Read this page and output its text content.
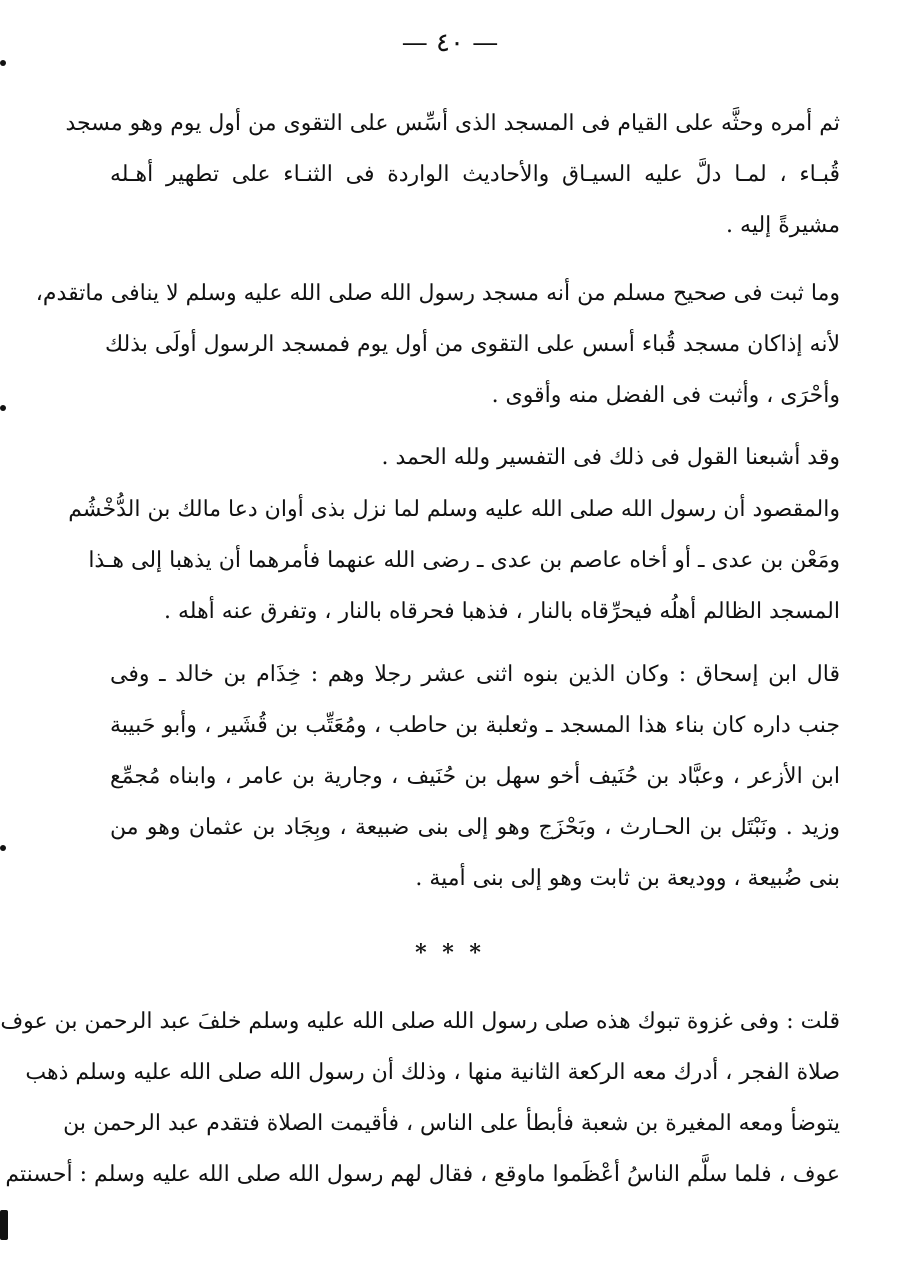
— ٤٠ —
ثم أمره وحثَّه على القيام فى المسجد الذى أسِّس على التقوى من أول يوم وهو مسجد
قُبـاء ، لمـا دلَّ عليه السيـاق والأحاديث الواردة فى الثنـاء على تطهير أهـله
مشيرةً إليه .
وما ثبت فى صحيح مسلم من أنه مسجد رسول الله صلى الله عليه وسلم لا ينافى ماتقدم،
لأنه إذاكان مسجد قُباء أسس على التقوى من أول يوم فمسجد الرسول أولَى بذلك
وأحْرَى ، وأثبت فى الفضل منه وأقوى .
وقد أشبعنا القول فى ذلك فى التفسير ولله الحمد .
والمقصود أن رسول الله صلى الله عليه وسلم لما نزل بذى أوان دعا مالك بن الدُّخْشُم
ومَعْن بن عدى ـ أو أخاه عاصم بن عدى ـ رضى الله عنهما فأمرهما أن يذهبا إلى هـذا
المسجد الظالم أهلُه فيحرِّقاه بالنار ، فذهبا فحرقاه بالنار ، وتفرق عنه أهله .
قال ابن إسحاق : وكان الذين بنوه اثنى عشر رجلا وهم : خِذَام بن خالد ـ وفى
جنب داره كان بناء هذا المسجد ـ وثعلبة بن حاطب ، ومُعَتِّب بن قُشَير ، وأبو حَبيبة
ابن الأزعر ، وعبَّاد بن حُنَيف أخو سهل بن حُنَيف ، وجارية بن عامر ، وابناه مُجمِّع
وزيد . ونَبْتَل بن الحـارث ، وبَحْزَج وهو إلى بنى ضبيعة ، وبِجَاد بن عثمان وهو من
بنى ضُبيعة ، ووديعة بن ثابت وهو إلى بنى أمية .
* * *
قلت : وفى غزوة تبوك هذه صلى رسول الله صلى الله عليه وسلم خلفَ عبد الرحمن بن عوف
صلاة الفجر ، أدرك معه الركعة الثانية منها ، وذلك أن رسول الله صلى الله عليه وسلم ذهب
يتوضأ ومعه المغيرة بن شعبة فأبطأ على الناس ، فأقيمت الصلاة فتقدم عبد الرحمن بن
عوف ، فلما سلَّم الناسُ أعْظَموا ماوقع ، فقال لهم رسول الله صلى الله عليه وسلم : أحسنتم
